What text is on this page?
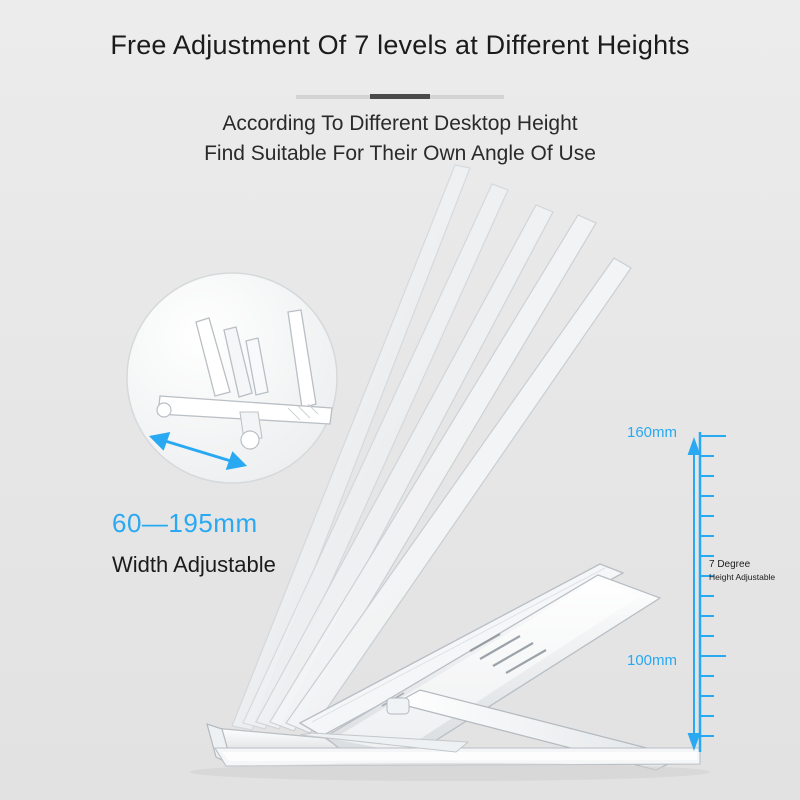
Free Adjustment Of 7 levels at Different Heights
According To Different Desktop Height
Find Suitable For Their Own Angle Of Use
60—195mm
Width Adjustable
160mm
100mm
7 Degree
Height Adjustable
